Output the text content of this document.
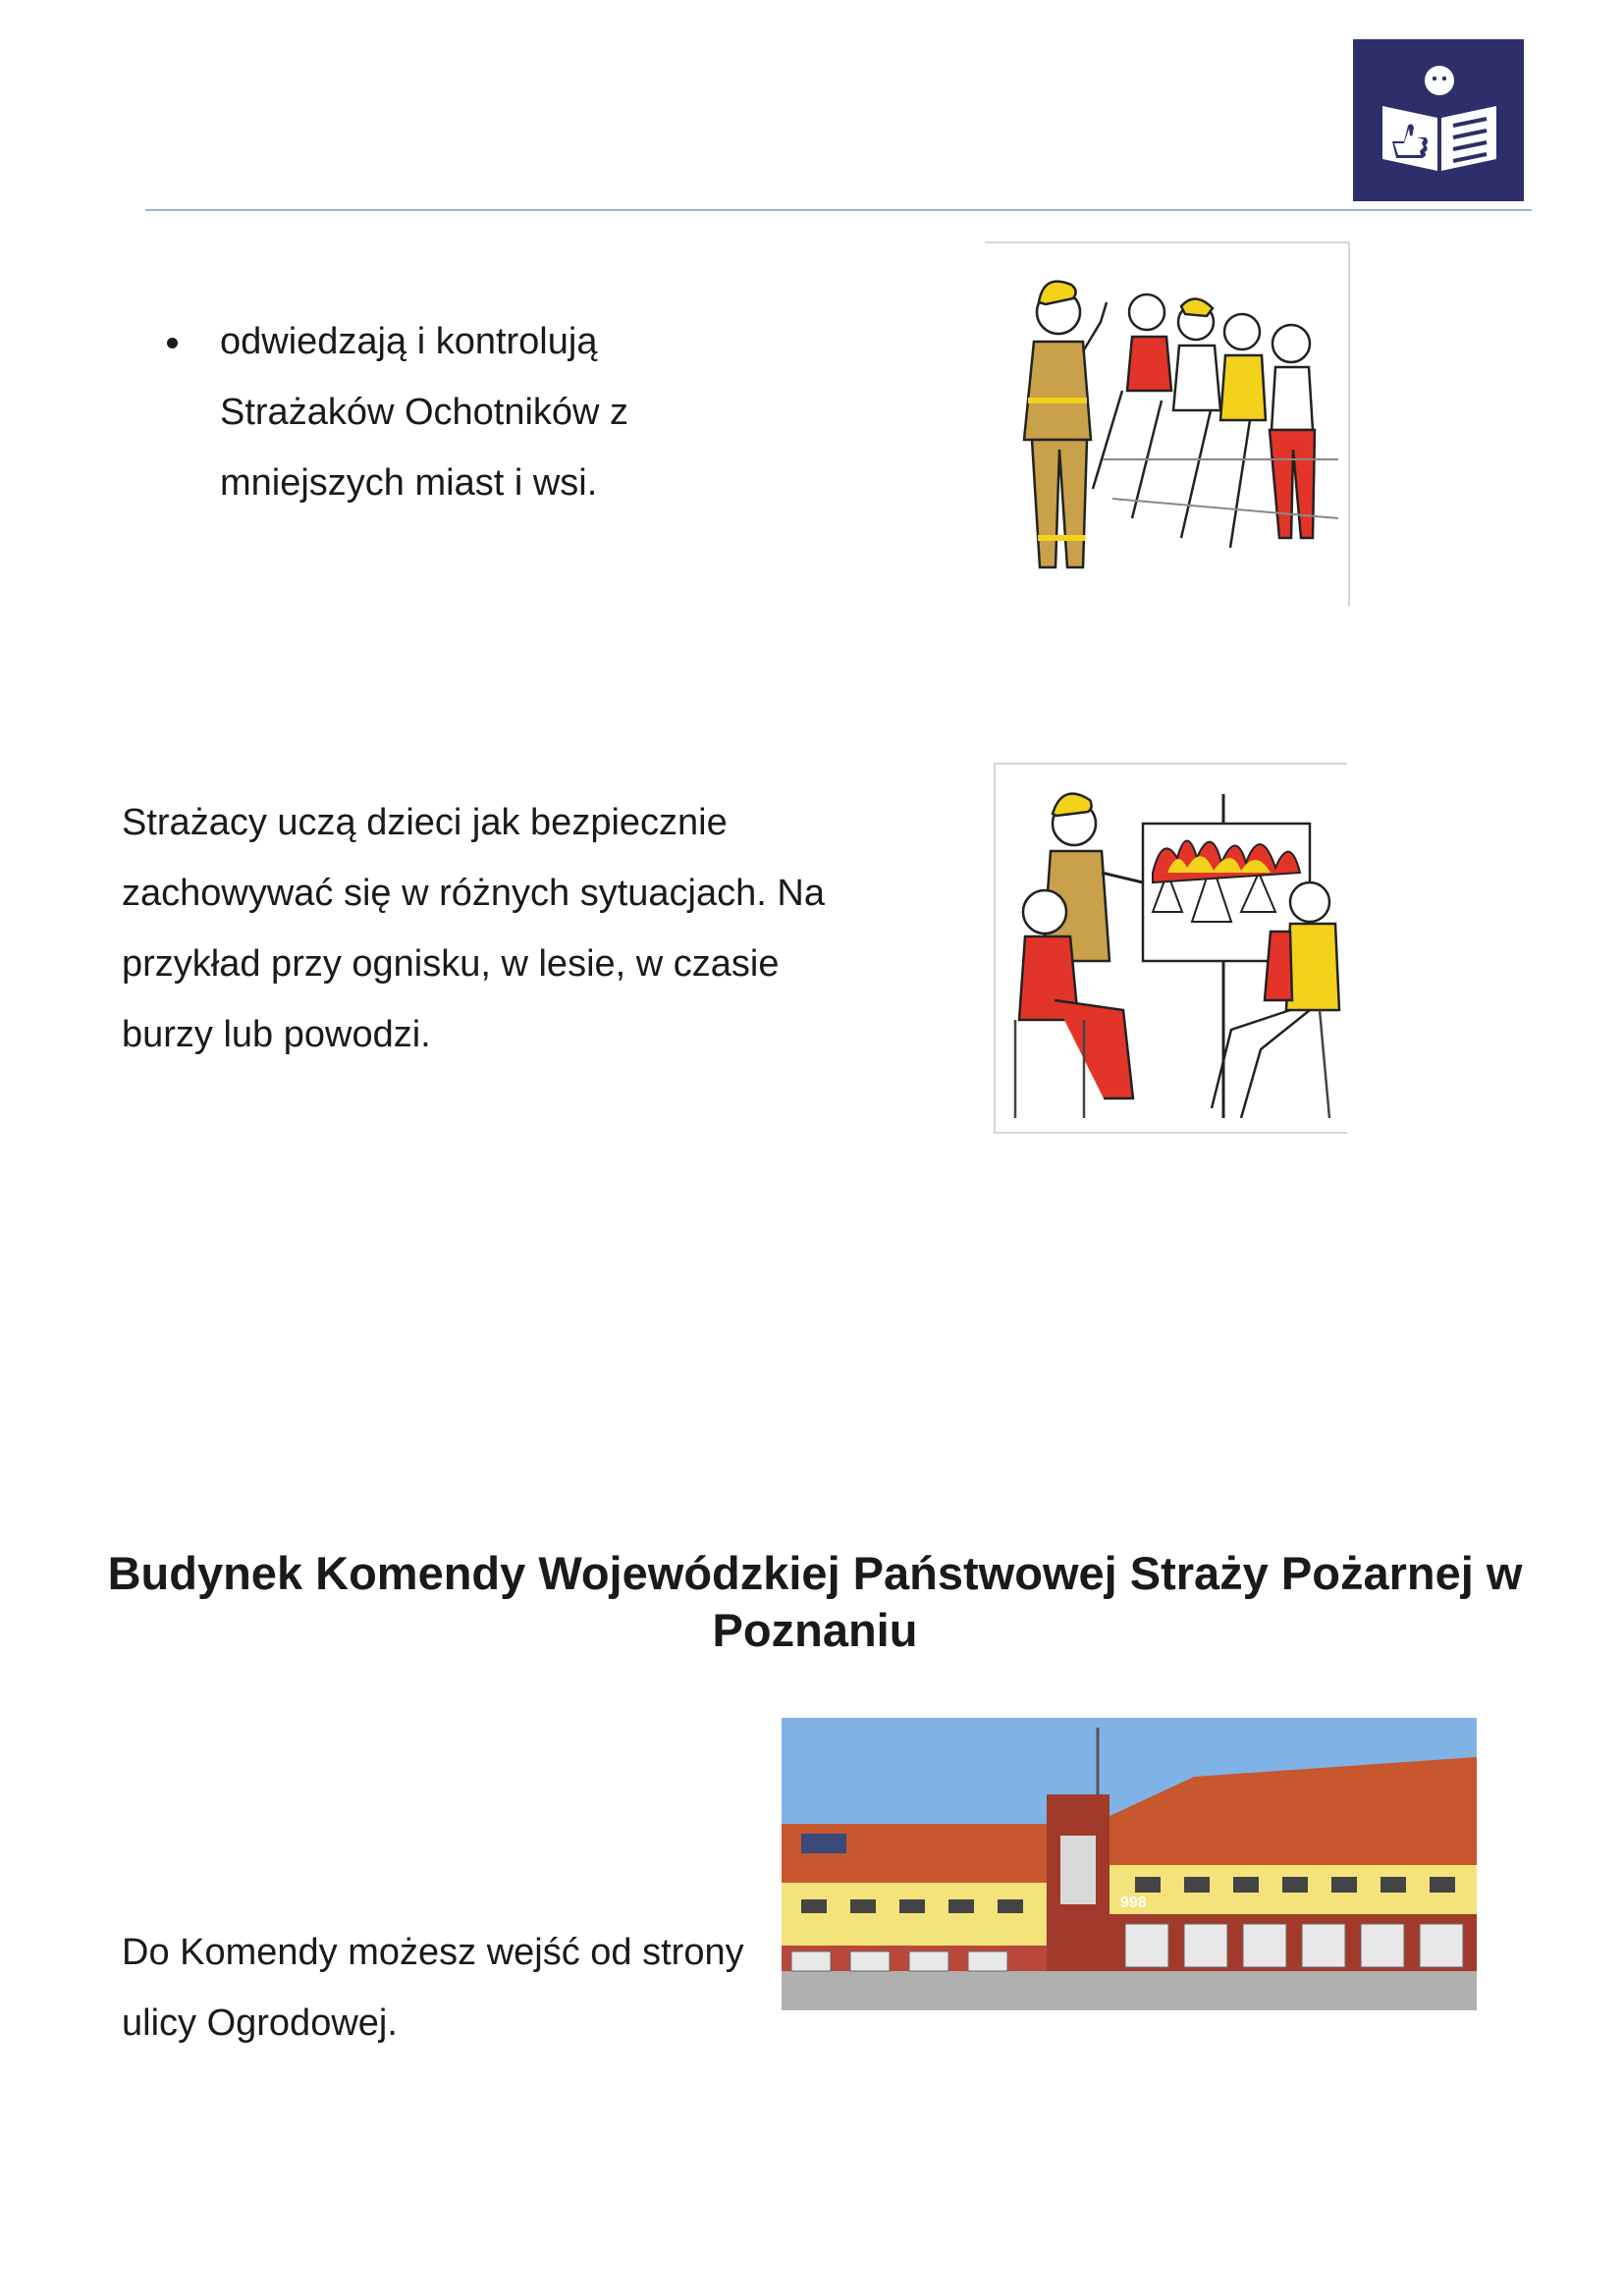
odwiedzają i kontrolują Strażaków Ochotników z mniejszych miast i wsi.
Strażacy uczą dzieci jak bezpiecznie zachowywać się w różnych sytuacjach. Na przykład przy ognisku, w lesie, w czasie burzy lub powodzi.
Budynek Komendy Wojewódzkiej Państwowej Straży Pożarnej w Poznaniu
998
Do Komendy możesz wejść od strony ulicy Ogrodowej.
